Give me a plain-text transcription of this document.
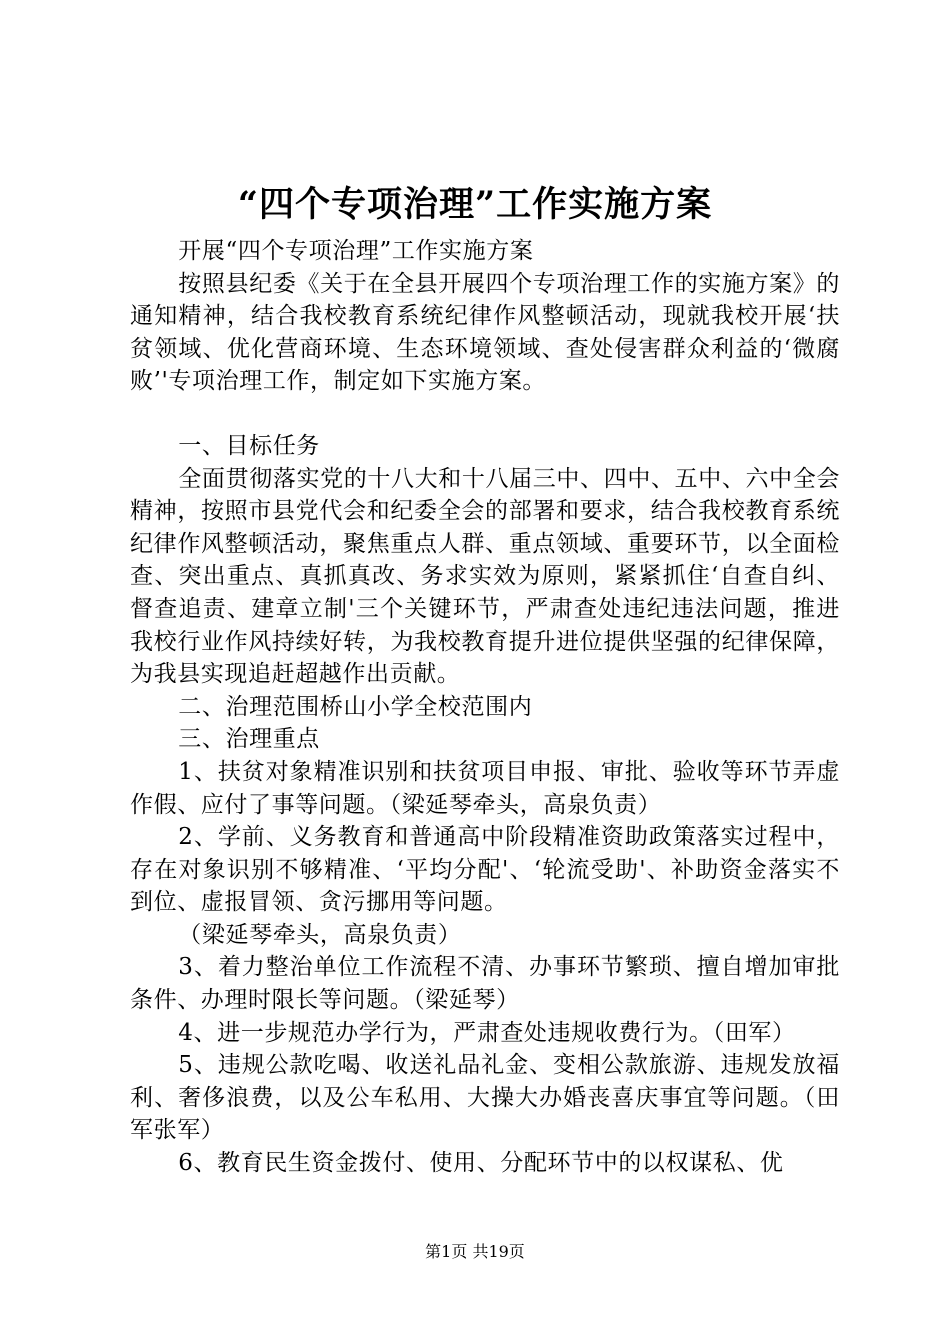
“四个专项治理”工作实施方案

开展“四个专项治理”工作实施方案

按照县纪委《关于在全县开展四个专项治理工作的实施方案》的通知精神，结合我校教育系统纪律作风整顿活动，现就我校开展‘扶贫领域、优化营商环境、生态环境领域、查处侵害群众利益的‘微腐败’'专项治理工作，制定如下实施方案。

一、目标任务

全面贯彻落实党的十八大和十八届三中、四中、五中、六中全会精神，按照市县党代会和纪委全会的部署和要求，结合我校教育系统纪律作风整顿活动，聚焦重点人群、重点领域、重要环节，以全面检查、突出重点、真抓真改、务求实效为原则，紧紧抓住‘自查自纠、督查追责、建章立制'三个关键环节，严肃查处违纪违法问题，推进我校行业作风持续好转，为我校教育提升进位提供坚强的纪律保障，为我县实现追赶超越作出贡献。

二、治理范围桥山小学全校范围内

三、治理重点

1、扶贫对象精准识别和扶贫项目申报、审批、验收等环节弄虚作假、应付了事等问题。（梁延琴牵头，高泉负责）

2、学前、义务教育和普通高中阶段精准资助政策落实过程中，存在对象识别不够精准、‘平均分配'、‘轮流受助'、补助资金落实不到位、虚报冒领、贪污挪用等问题。

（梁延琴牵头，高泉负责）

3、着力整治单位工作流程不清、办事环节繁琐、擅自增加审批条件、办理时限长等问题。（梁延琴）

4、进一步规范办学行为，严肃查处违规收费行为。（田军）

5、违规公款吃喝、收送礼品礼金、变相公款旅游、违规发放福利、奢侈浪费，以及公车私用、大操大办婚丧喜庆事宜等问题。（田军张军）

6、教育民生资金拨付、使用、分配环节中的以权谋私、优

第1页 共19页
